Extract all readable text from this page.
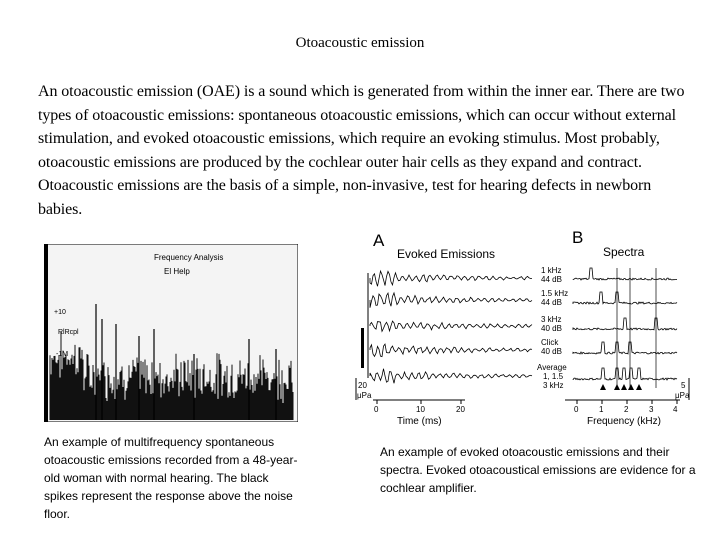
Otoacoustic emission
An otoacoustic emission (OAE) is a sound which is generated from within the inner ear. There are two types of otoacoustic emissions: spontaneous otoacoustic emissions, which can occur without external stimulation, and evoked otoacoustic emissions, which require an evoking stimulus. Most probably, otoacoustic emissions are produced by the cochlear outer hair cells as they expand and contract. Otoacoustic emissions are the basis of a simple, non-invasive, test for hearing defects in newborn babies.
Frequency Analysis
El Help
+10
RlRcpl
-1M
An example of multifrequency spontaneous otoacoustic emissions recorded from a 48-year-old woman with normal hearing. The black spikes represent the response above the noise floor.
A
Evoked Emissions
B
Spectra
1 kHz
44 dB
1.5 kHz
44 dB
3 kHz
40 dB
Click
40 dB
Average
1, 1.5
3 kHz
20
μPa
5
μPa
0	10	20
Time (ms)
0	1	2	3 4
Frequency (kHz)
An example of evoked otoacoustic emissions and their spectra. Evoked otoacoustical emissions are evidence for a cochlear amplifier.
